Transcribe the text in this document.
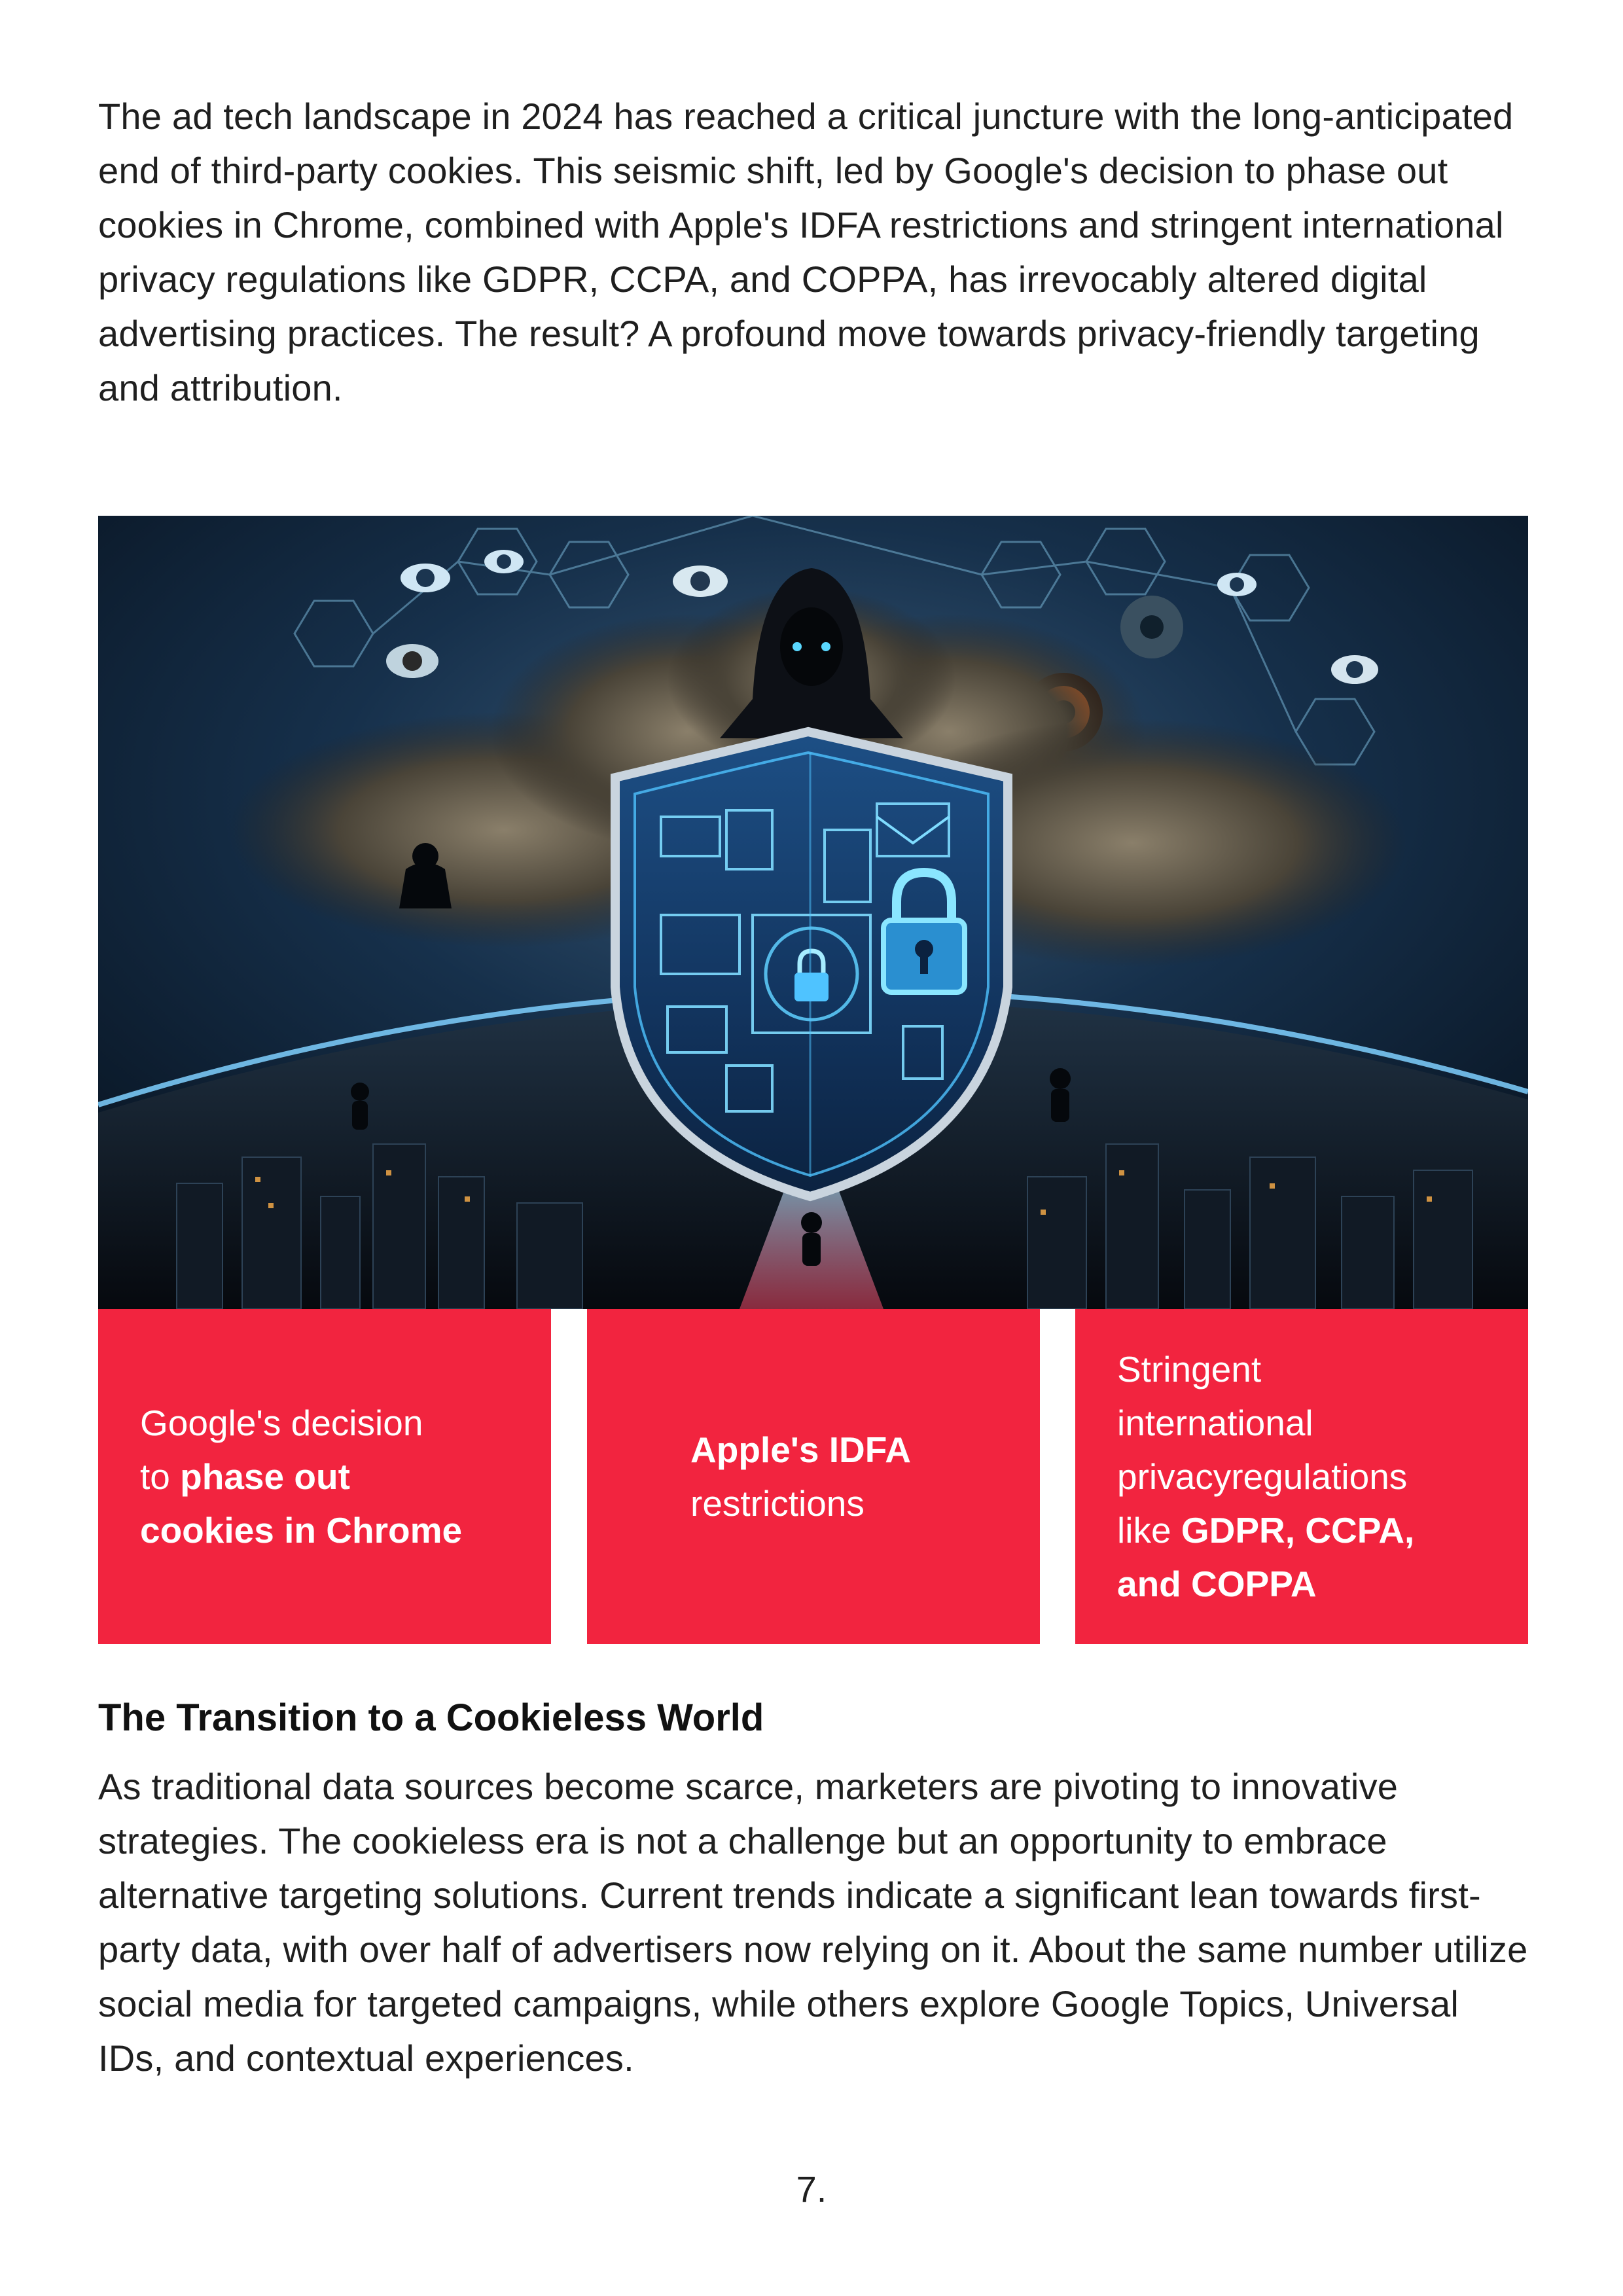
The ad tech landscape in 2024 has reached a critical juncture with the long-anticipated end of third-party cookies. This seismic shift, led by Google's decision to phase out cookies in Chrome, combined with Apple's IDFA restrictions and stringent international privacy regulations like GDPR, CCPA, and COPPA, has irrevocably altered digital advertising practices. The result? A profound move towards privacy-friendly targeting and attribution.

Google's decision
to phase out
cookies in Chrome
Apple's IDFA
restrictions
Stringent
international
privacyregulations
like GDPR, CCPA,
and COPPA
The Transition to a Cookieless World

As traditional data sources become scarce, marketers are pivoting to innovative strategies. The cookieless era is not a challenge but an opportunity to embrace alternative targeting solutions. Current trends indicate a significant lean towards first-party data, with over half of advertisers now relying on it. About the same number utilize social media for targeted campaigns, while others explore Google Topics, Universal IDs, and contextual experiences.

7.
